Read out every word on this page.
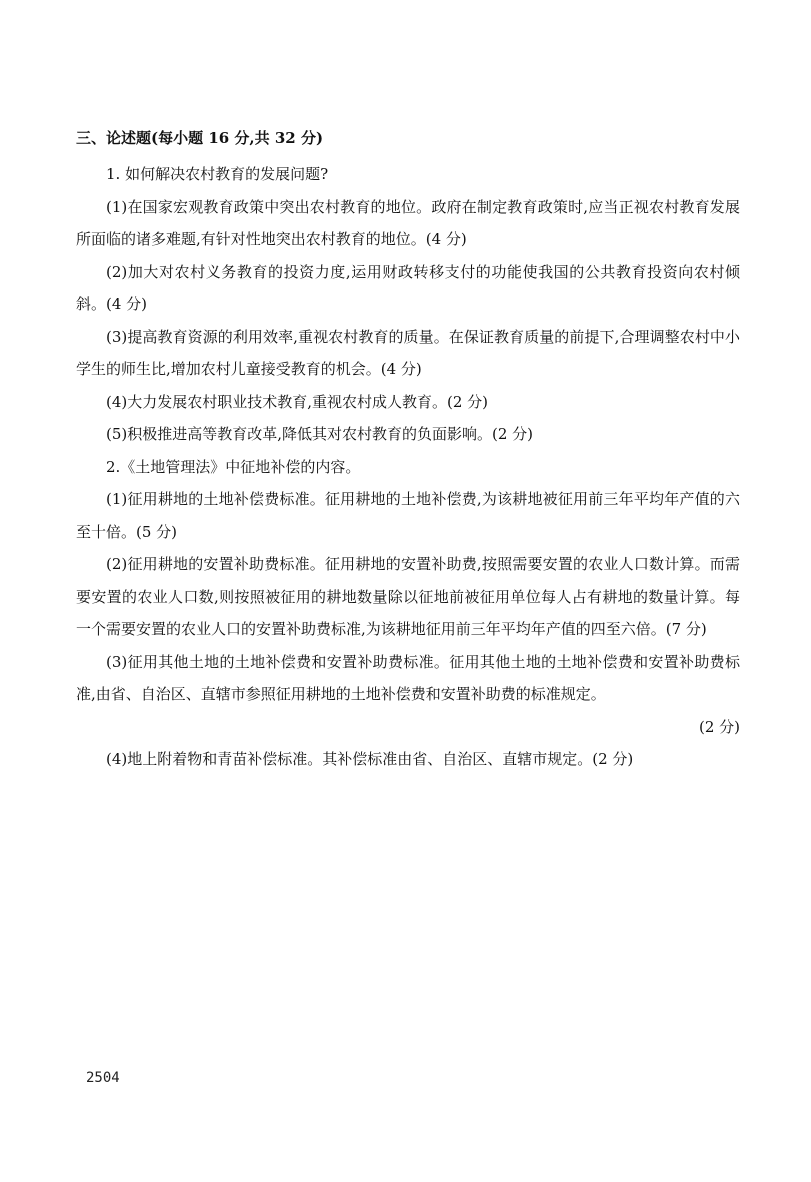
三、论述题(每小题 16 分,共 32 分)

1. 如何解决农村教育的发展问题?

(1)在国家宏观教育政策中突出农村教育的地位。政府在制定教育政策时,应当正视农村教育发展所面临的诸多难题,有针对性地突出农村教育的地位。(4 分)

(2)加大对农村义务教育的投资力度,运用财政转移支付的功能使我国的公共教育投资向农村倾斜。(4 分)

(3)提高教育资源的利用效率,重视农村教育的质量。在保证教育质量的前提下,合理调整农村中小学生的师生比,增加农村儿童接受教育的机会。(4 分)

(4)大力发展农村职业技术教育,重视农村成人教育。(2 分)

(5)积极推进高等教育改革,降低其对农村教育的负面影响。(2 分)

2.《土地管理法》中征地补偿的内容。

(1)征用耕地的土地补偿费标准。征用耕地的土地补偿费,为该耕地被征用前三年平均年产值的六至十倍。(5 分)

(2)征用耕地的安置补助费标准。征用耕地的安置补助费,按照需要安置的农业人口数计算。而需要安置的农业人口数,则按照被征用的耕地数量除以征地前被征用单位每人占有耕地的数量计算。每一个需要安置的农业人口的安置补助费标准,为该耕地征用前三年平均年产值的四至六倍。(7 分)

(3)征用其他土地的土地补偿费和安置补助费标准。征用其他土地的土地补偿费和安置补助费标准,由省、自治区、直辖市参照征用耕地的土地补偿费和安置补助费的标准规定。

(2 分)

(4)地上附着物和青苗补偿标准。其补偿标准由省、自治区、直辖市规定。(2 分)

2504
